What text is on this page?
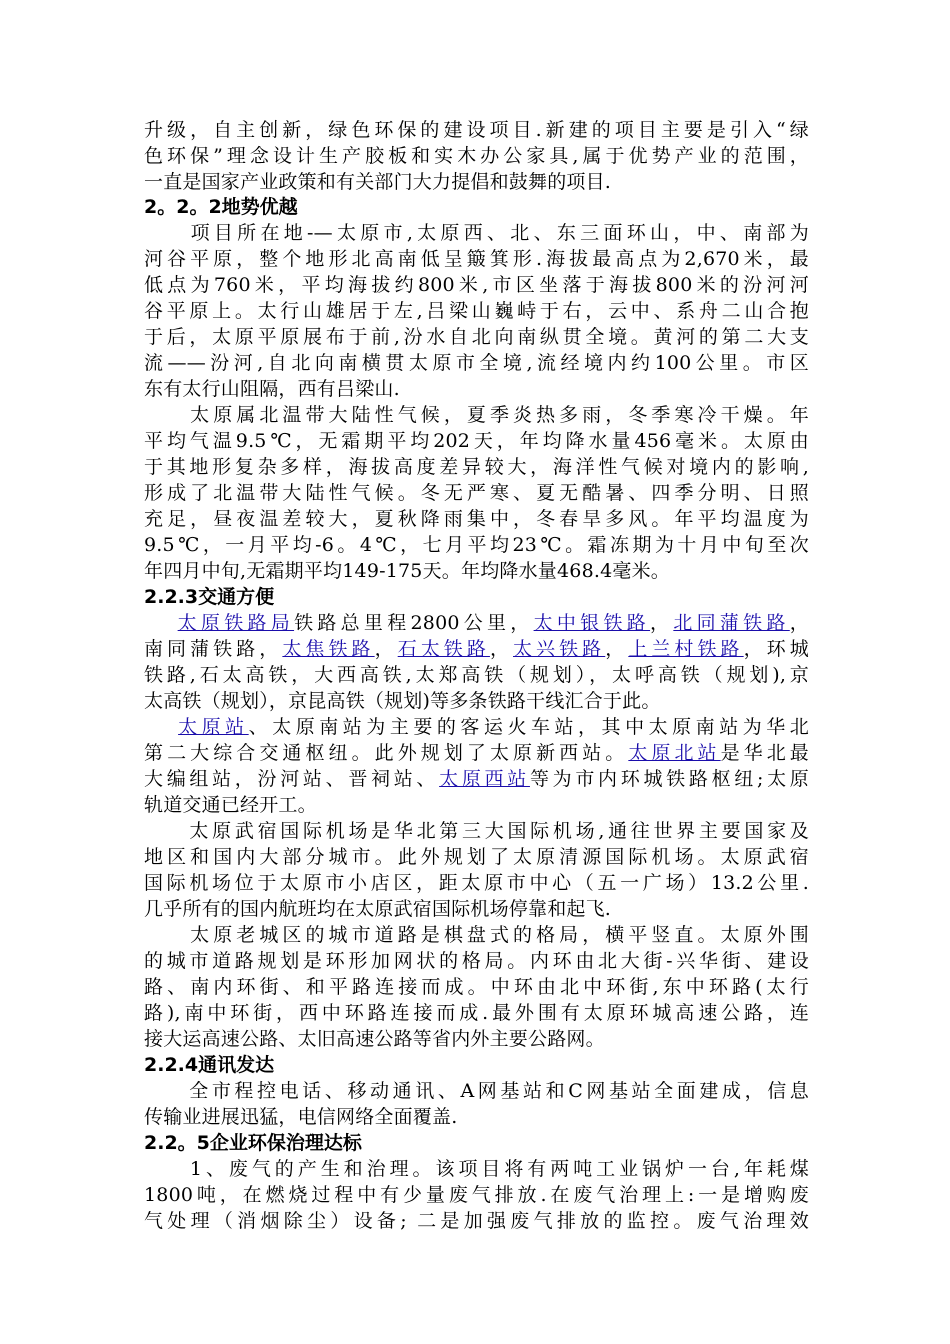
升级，自主创新，绿色环保的建设项目.新建的项目主要是引入“绿
色环保”理念设计生产胶板和实木办公家具,属于优势产业的范围，
一直是国家产业政策和有关部门大力提倡和鼓舞的项目.
2。2。2地势优越
　　项目所在地-—太原市,太原西、北、东三面环山，中、南部为
河谷平原，整个地形北高南低呈簸箕形.海拔最高点为2,670米，最
低点为760米，平均海拔约800米,市区坐落于海拔800米的汾河河
谷平原上。太行山雄居于左,吕梁山巍峙于右，云中、系舟二山合抱
于后，太原平原展布于前,汾水自北向南纵贯全境。黄河的第二大支
流——汾河,自北向南横贯太原市全境,流经境内约100公里。市区
东有太行山阻隔，西有吕梁山.
　　太原属北温带大陆性气候，夏季炎热多雨，冬季寒冷干燥。年
平均气温9.5℃，无霜期平均202天，年均降水量456毫米。太原由
于其地形复杂多样，海拔高度差异较大，海洋性气候对境内的影响,
形成了北温带大陆性气候。冬无严寒、夏无酷暑、四季分明、日照
充足，昼夜温差较大，夏秋降雨集中，冬春旱多风。年平均温度为
9.5℃，一月平均-6。4℃，七月平均23℃。霜冻期为十月中旬至次
年四月中旬,无霜期平均149-175天。年均降水量468.4毫米。
2.2.3交通方便
　 太原铁路局铁路总里程2800公里，太中银铁路，北同蒲铁路，
南同蒲铁路，太焦铁路，石太铁路，太兴铁路，上兰村铁路，环城
铁路,石太高铁，大西高铁,太郑高铁（规划），太呼高铁（规划),京
太高铁（规划），京昆高铁（规划)等多条铁路干线汇合于此。
　 太原站、太原南站为主要的客运火车站，其中太原南站为华北
第二大综合交通枢纽。此外规划了太原新西站。太原北站是华北最
大编组站，汾河站、晋祠站、太原西站等为市内环城铁路枢纽;太原
轨道交通已经开工。
　　太原武宿国际机场是华北第三大国际机场,通往世界主要国家及
地区和国内大部分城市。此外规划了太原清源国际机场。太原武宿
国际机场位于太原市小店区，距太原市中心（五一广场）13.2公里.
几乎所有的国内航班均在太原武宿国际机场停靠和起飞.
　　太原老城区的城市道路是棋盘式的格局，横平竖直。太原外围
的城市道路规划是环形加网状的格局。内环由北大街-兴华街、建设
路、南内环街、和平路连接而成。中环由北中环街,东中环路(太行
路),南中环街，西中环路连接而成.最外围有太原环城高速公路，连
接大运高速公路、太旧高速公路等省内外主要公路网。
2.2.4通讯发达
　　全市程控电话、移动通讯、A网基站和C网基站全面建成，信息
传输业进展迅猛，电信网络全面覆盖.
2.2。5企业环保治理达标
　　1、废气的产生和治理。该项目将有两吨工业锅炉一台,年耗煤
1800吨，在燃烧过程中有少量废气排放.在废气治理上:一是增购废
气处理（消烟除尘）设备; 二是加强废气排放的监控。废气治理效
